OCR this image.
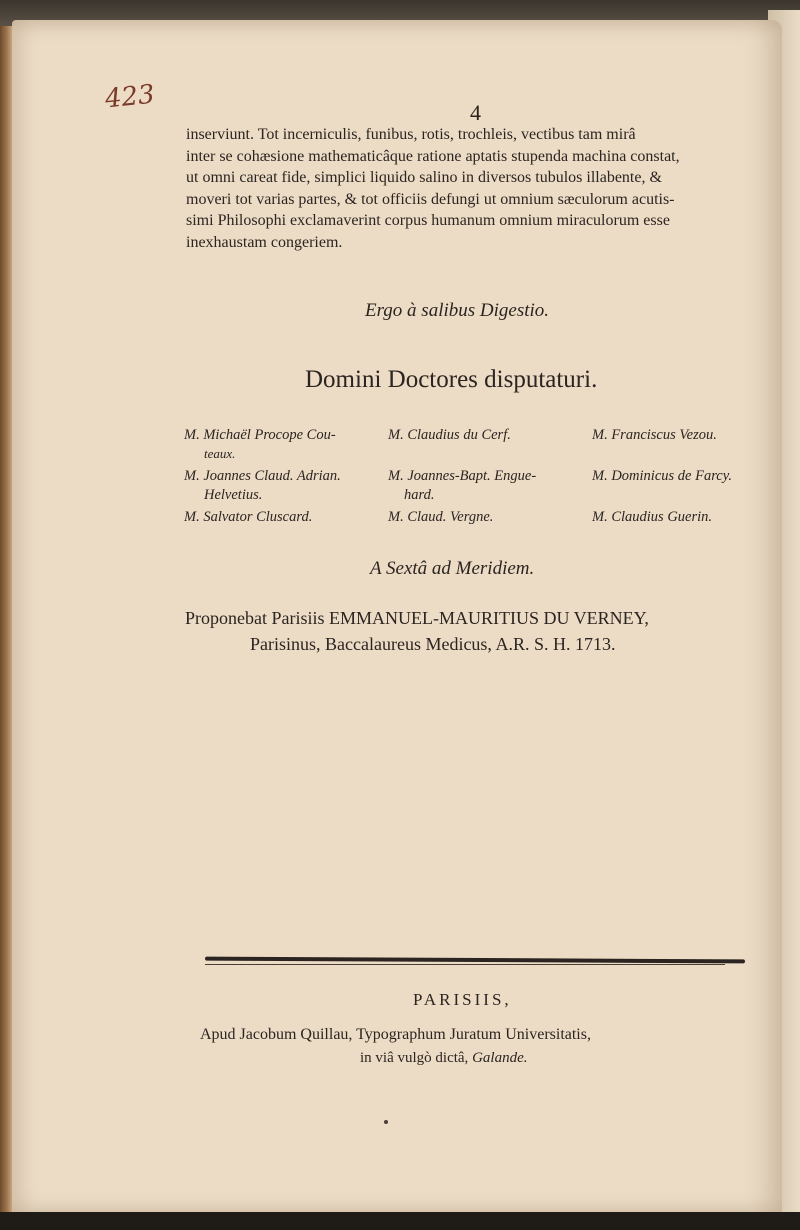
423	4
inserviunt. Tot incerniculis, funibus, rotis, trochleis, vectibus tam mirâ
inter se cohæsione mathematicâque ratione aptatis stupenda machina constat,
ut omni careat fide, simplici liquido salino in diversos tubulos illabente, &
moveri tot varias partes, & tot officiis defungi ut omnium sæculorum acutis-
simi Philosophi exclamaverint corpus humanum omnium miraculorum esse
inexhaustam congeriem.
Ergo à salibus Digestio.
Domini Doctores disputaturi.
M. Michaël Procope Cou-
teaux.
M. Joannes Claud. Adrian.
Helvetius.
M. Salvator Cluscard.
M. Claudius du Cerf.
M. Joannes-Bapt. Engue-
hard.
M. Claud. Vergne.
M. Franciscus Vezou.
M. Dominicus de Farcy.
M. Claudius Guerin.
A Sextâ ad Meridiem.
Proponebat Parisiis EMMANUEL-MAURITIUS DU VERNEY,
Parisinus, Baccalaureus Medicus, A.R. S. H. 1713.
PARISIIS,
Apud Jacobum Quillau, Typographum Juratum Universitatis,
in viâ vulgò dictâ, Galande.
